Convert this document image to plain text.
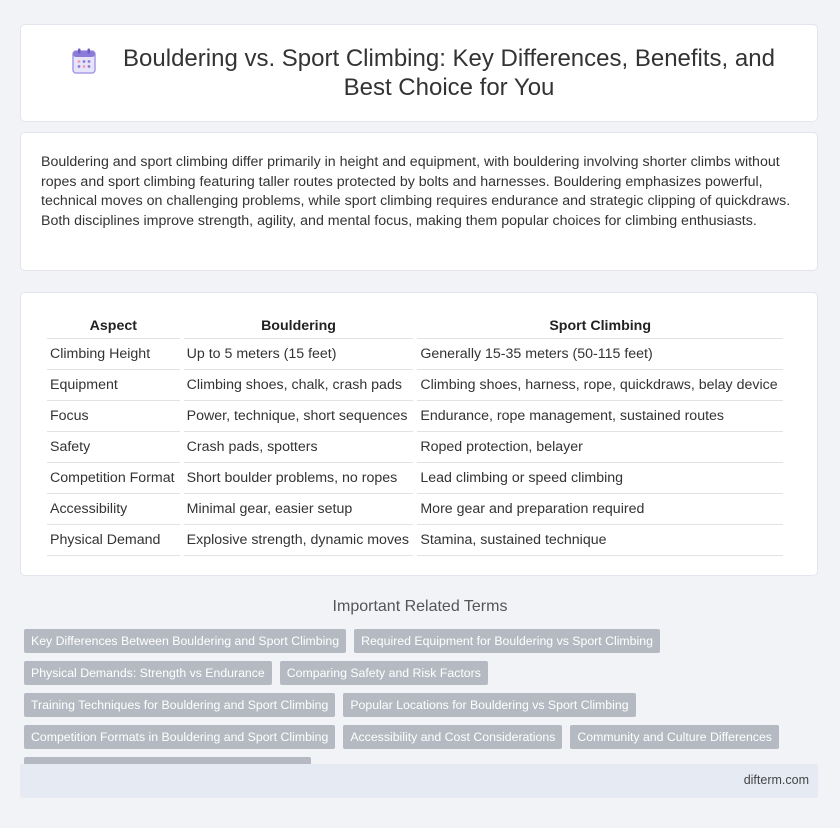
Bouldering vs. Sport Climbing: Key Differences, Benefits, and Best Choice for You
Bouldering and sport climbing differ primarily in height and equipment, with bouldering involving shorter climbs without ropes and sport climbing featuring taller routes protected by bolts and harnesses. Bouldering emphasizes powerful, technical moves on challenging problems, while sport climbing requires endurance and strategic clipping of quickdraws. Both disciplines improve strength, agility, and mental focus, making them popular choices for climbing enthusiasts.
Aspect	Bouldering	Sport Climbing
Climbing Height	Up to 5 meters (15 feet)	Generally 15-35 meters (50-115 feet)
Equipment	Climbing shoes, chalk, crash pads	Climbing shoes, harness, rope, quickdraws, belay device
Focus	Power, technique, short sequences	Endurance, rope management, sustained routes
Safety	Crash pads, spotters	Roped protection, belayer
Competition Format	Short boulder problems, no ropes	Lead climbing or speed climbing
Accessibility	Minimal gear, easier setup	More gear and preparation required
Physical Demand	Explosive strength, dynamic moves	Stamina, sustained technique
Important Related Terms
Key Differences Between Bouldering and Sport Climbing	Required Equipment for Bouldering vs Sport Climbing
Physical Demands: Strength vs Endurance	Comparing Safety and Risk Factors
Training Techniques for Bouldering and Sport Climbing	Popular Locations for Bouldering vs Sport Climbing
Competition Formats in Bouldering and Sport Climbing	Accessibility and Cost Considerations	Community and Culture Differences
difterm.com
